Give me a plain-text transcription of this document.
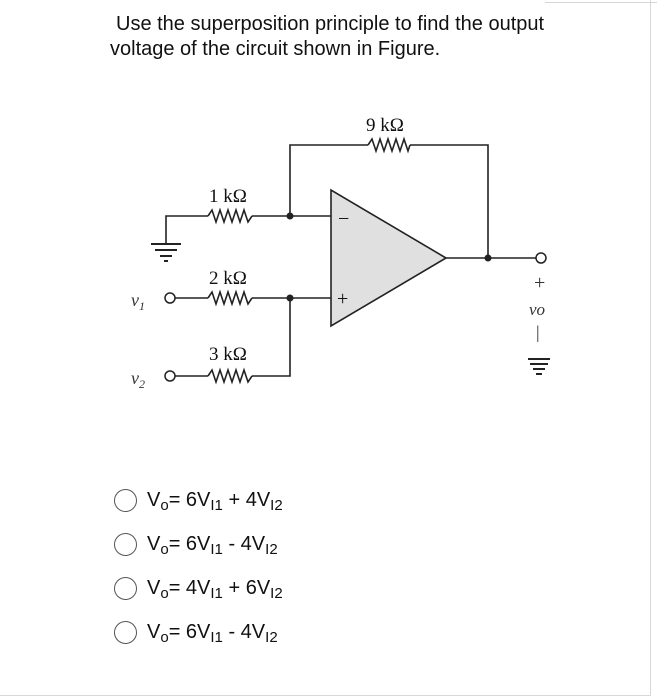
Use the superposition principle to find the output
voltage of the circuit shown in Figure.
9 kΩ
1 kΩ
2 kΩ
3 kΩ
$v_1$
$v_2$
−
+
+
vo
|
$V_o= 6V_{I1} + 4V_{I2}$
$V_o= 6V_{I1} - 4V_{I2}$
$V_o= 4V_{I1} + 6V_{I2}$
$V_o= 6V_{I1} - 4V_{I2}$
